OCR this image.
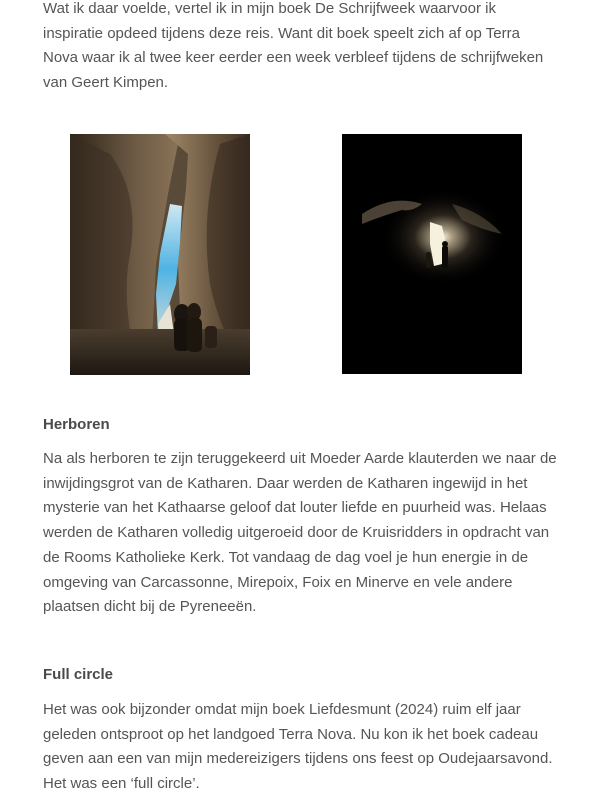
Wat ik daar voelde, vertel ik in mijn boek De Schrijfweek waarvoor ik inspiratie opdeed tijdens deze reis. Want dit boek speelt zich af op Terra Nova waar ik al twee keer eerder een week verbleef tijdens de schrijfweken van Geert Kimpen.

Herboren

Na als herboren te zijn teruggekeerd uit Moeder Aarde klauterden we naar de inwijdingsgrot van de Katharen. Daar werden de Katharen ingewijd in het mysterie van het Kathaarse geloof dat louter liefde en puurheid was. Helaas werden de Katharen volledig uitgeroeid door de Kruisridders in opdracht van de Rooms Katholieke Kerk. Tot vandaag de dag voel je hun energie in de omgeving van Carcassonne, Mirepoix, Foix en Minerve en vele andere plaatsen dicht bij de Pyreneeën.

Full circle

Het was ook bijzonder omdat mijn boek Liefdesmunt (2024) ruim elf jaar geleden ontsproot op het landgoed Terra Nova. Nu kon ik het boek cadeau geven aan een van mijn medereizigers tijdens ons feest op Oudejaarsavond. Het was een ‘full circle’.
